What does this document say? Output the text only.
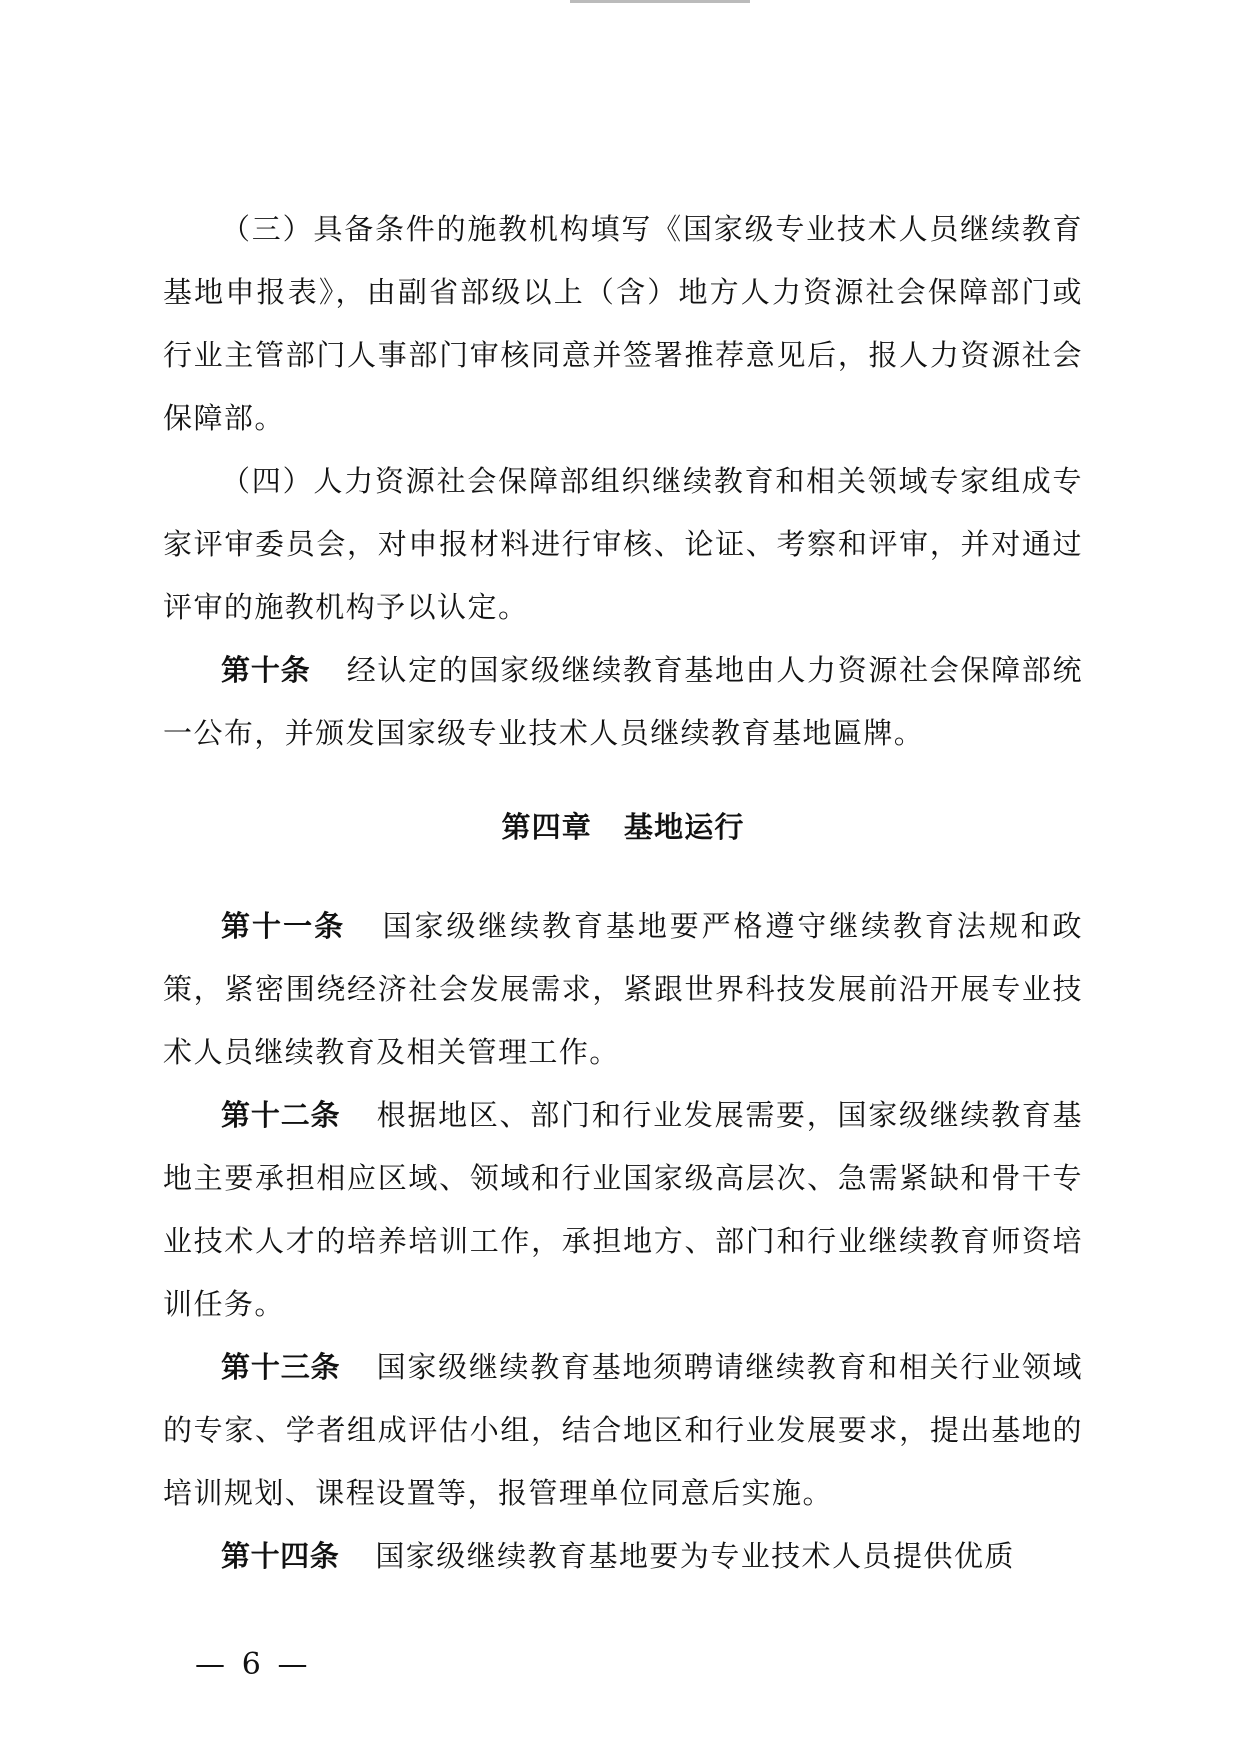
（三）具备条件的施教机构填写《国家级专业技术人员继续教育基地申报表》，由副省部级以上（含）地方人力资源社会保障部门或行业主管部门人事部门审核同意并签署推荐意见后，报人力资源社会保障部。

（四）人力资源社会保障部组织继续教育和相关领域专家组成专家评审委员会，对申报材料进行审核、论证、考察和评审，并对通过评审的施教机构予以认定。

第十条 经认定的国家级继续教育基地由人力资源社会保障部统一公布，并颁发国家级专业技术人员继续教育基地匾牌。

第四章 基地运行

第十一条 国家级继续教育基地要严格遵守继续教育法规和政策，紧密围绕经济社会发展需求，紧跟世界科技发展前沿开展专业技术人员继续教育及相关管理工作。

第十二条 根据地区、部门和行业发展需要，国家级继续教育基地主要承担相应区域、领域和行业国家级高层次、急需紧缺和骨干专业技术人才的培养培训工作，承担地方、部门和行业继续教育师资培训任务。

第十三条 国家级继续教育基地须聘请继续教育和相关行业领域的专家、学者组成评估小组，结合地区和行业发展要求，提出基地的培训规划、课程设置等，报管理单位同意后实施。

第十四条 国家级继续教育基地要为专业技术人员提供优质

— 6 —
